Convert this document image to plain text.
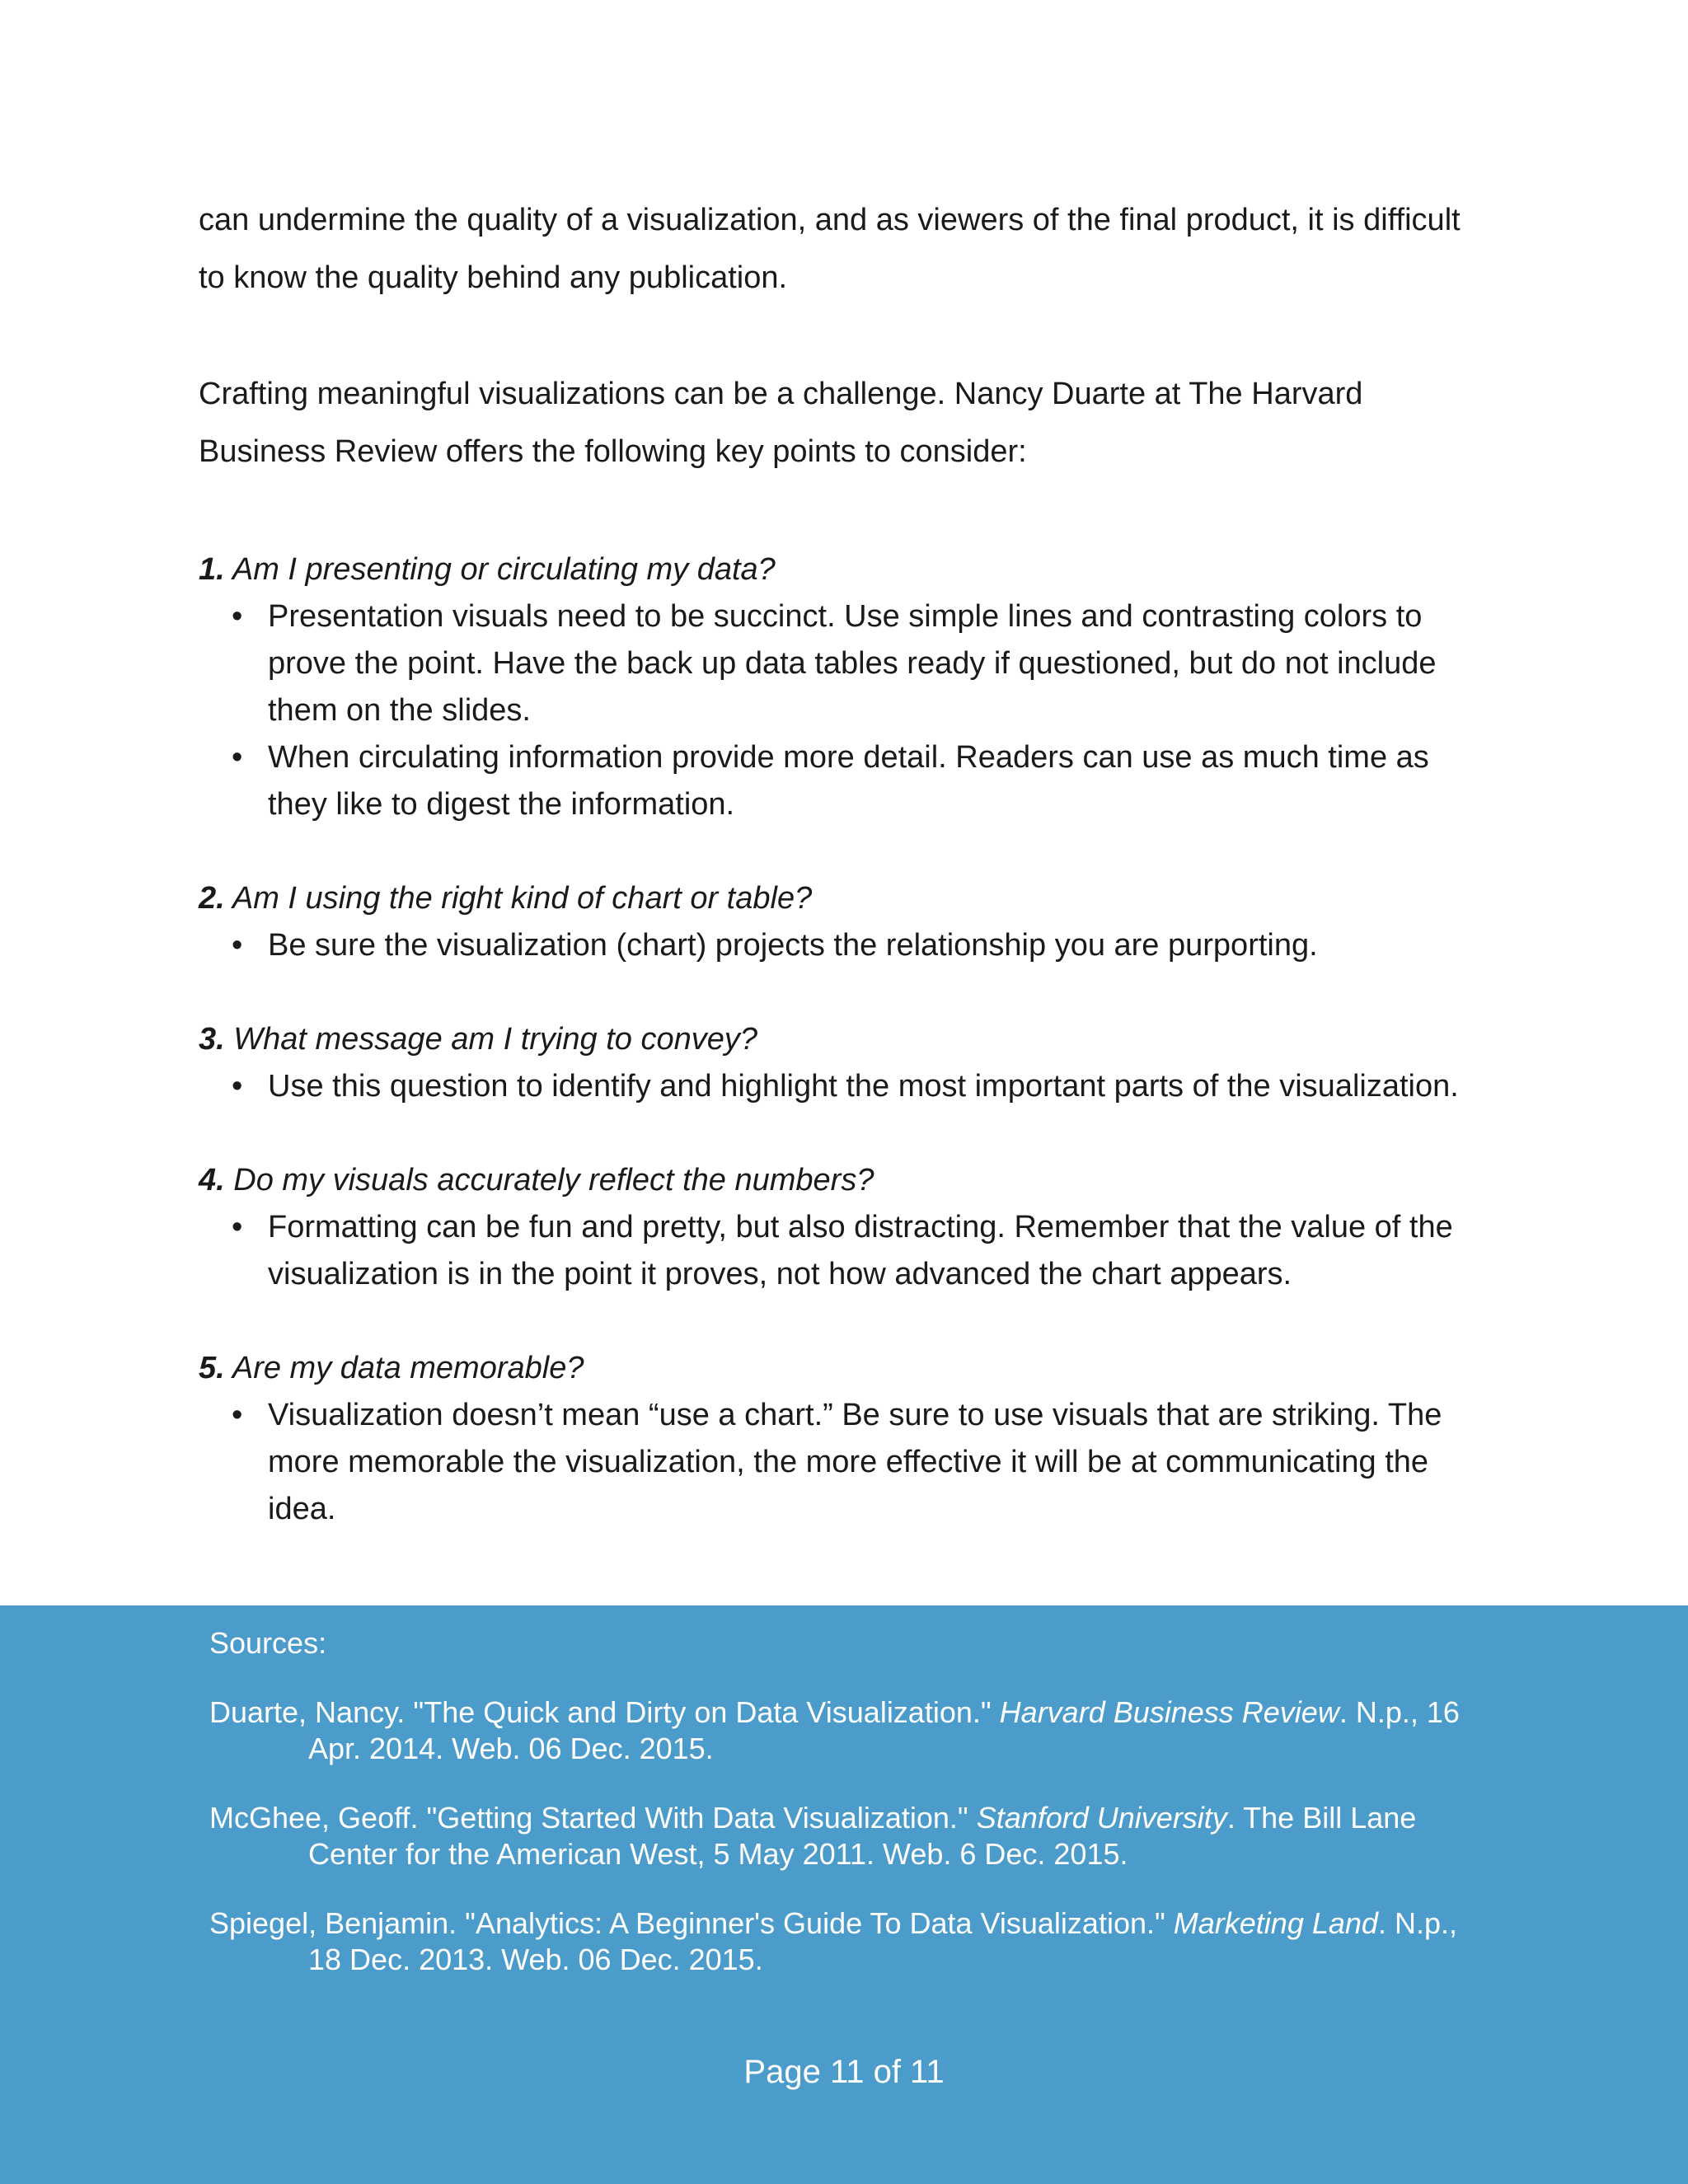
can undermine the quality of a visualization, and as viewers of the final product, it is difficult to know the quality behind any publication.

Crafting meaningful visualizations can be a challenge. Nancy Duarte at The Harvard Business Review offers the following key points to consider:

1. Am I presenting or circulating my data?

• Presentation visuals need to be succinct. Use simple lines and contrasting colors to prove the point. Have the back up data tables ready if questioned, but do not include them on the slides.
• When circulating information provide more detail. Readers can use as much time as they like to digest the information.

2. Am I using the right kind of chart or table?

• Be sure the visualization (chart) projects the relationship you are purporting.

3. What message am I trying to convey?

• Use this question to identify and highlight the most important parts of the visualization.

4. Do my visuals accurately reflect the numbers?

• Formatting can be fun and pretty, but also distracting. Remember that the value of the visualization is in the point it proves, not how advanced the chart appears.

5. Are my data memorable?

• Visualization doesn’t mean “use a chart.” Be sure to use visuals that are striking. The more memorable the visualization, the more effective it will be at communicating the idea.

Sources:

Duarte, Nancy. "The Quick and Dirty on Data Visualization." Harvard Business Review. N.p., 16 Apr. 2014. Web. 06 Dec. 2015.

McGhee, Geoff. "Getting Started With Data Visualization." Stanford University. The Bill Lane Center for the American West, 5 May 2011. Web. 6 Dec. 2015.

Spiegel, Benjamin. "Analytics: A Beginner's Guide To Data Visualization." Marketing Land. N.p., 18 Dec. 2013. Web. 06 Dec. 2015.

Page 11 of 11
